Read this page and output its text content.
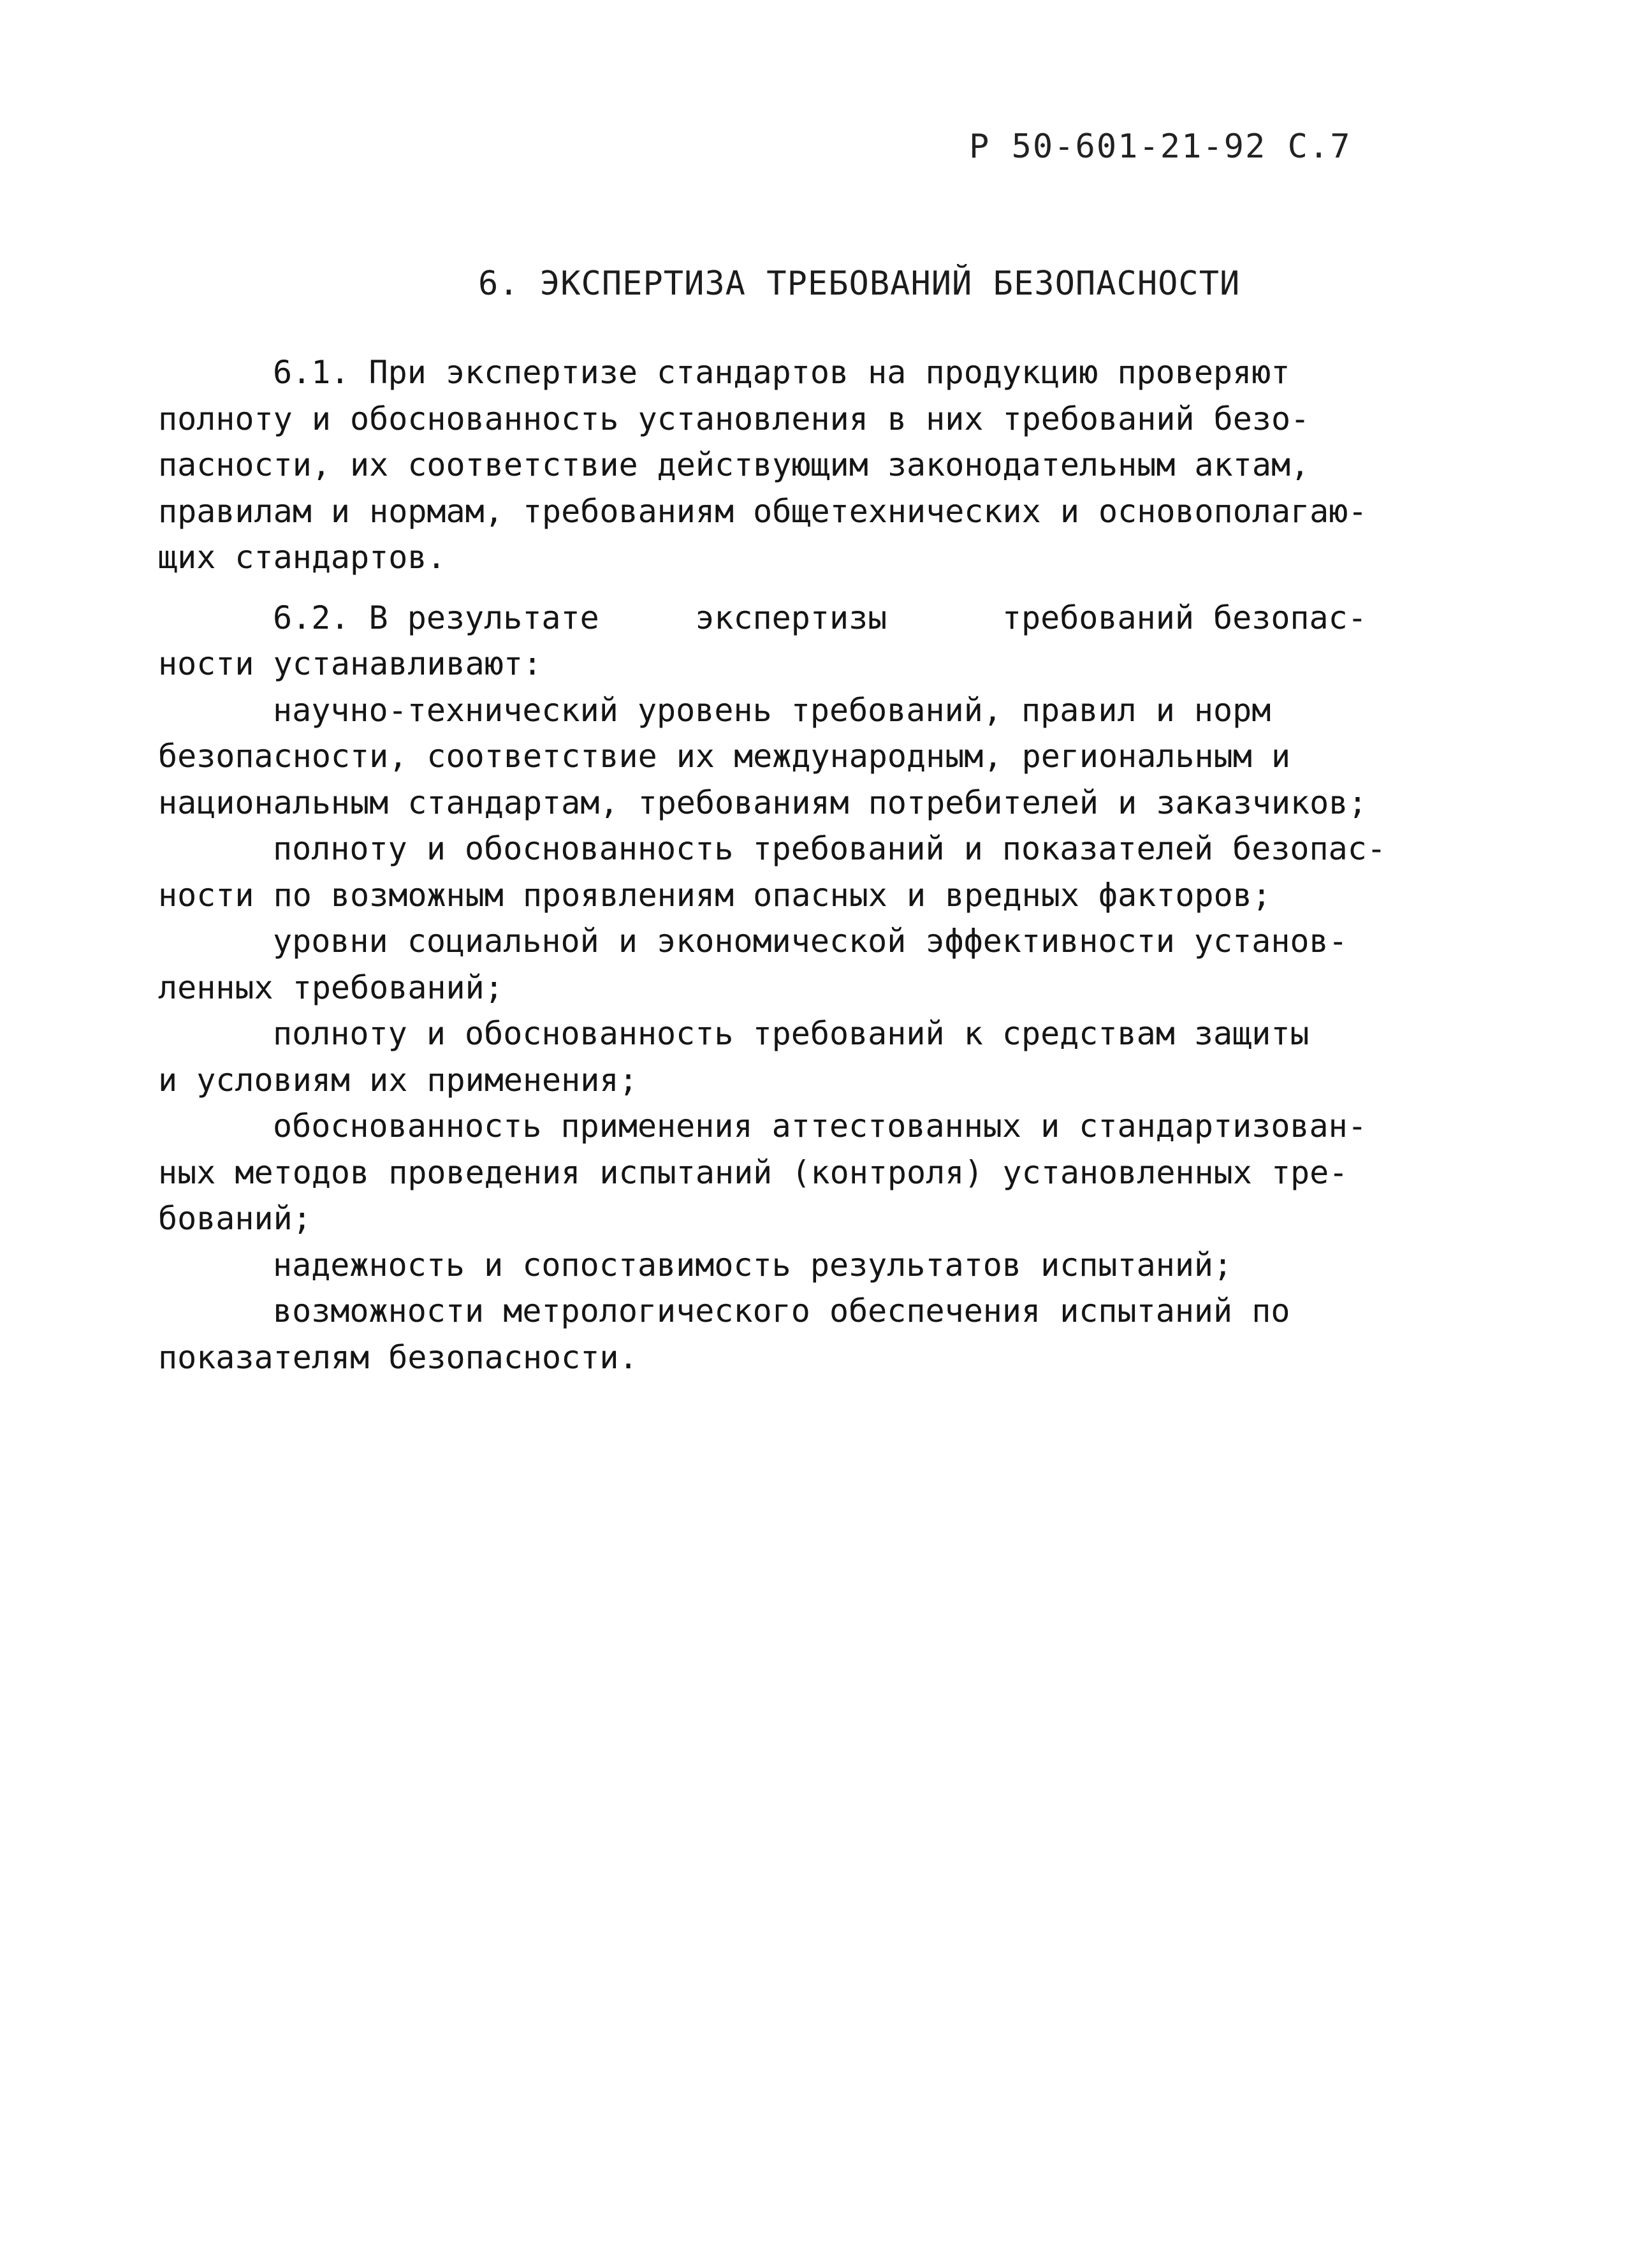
Р 50-601-21-92 С.7
6. ЭКСПЕРТИЗА ТРЕБОВАНИЙ БЕЗОПАСНОСТИ
6.1. При экспертизе стандартов на продукцию проверяют
полноту и обоснованность установления в них требований безо-
пасности, их соответствие действующим законодательным актам,
правилам и нормам, требованиям общетехнических и основополагаю-
щих стандартов.
6.2. В результате     экспертизы      требований безопас-
ности устанавливают:
научно-технический уровень требований, правил и норм
безопасности, соответствие их международным, региональным и
национальным стандартам, требованиям потребителей и заказчиков;
полноту и обоснованность требований и показателей безопас-
ности по возможным проявлениям опасных и вредных факторов;
уровни социальной и экономической эффективности установ-
ленных требований;
полноту и обоснованность требований к средствам защиты
и условиям их применения;
обоснованность применения аттестованных и стандартизован-
ных методов проведения испытаний (контроля) установленных тре-
бований;
надежность и сопоставимость результатов испытаний;
возможности метрологического обеспечения испытаний по
показателям безопасности.
